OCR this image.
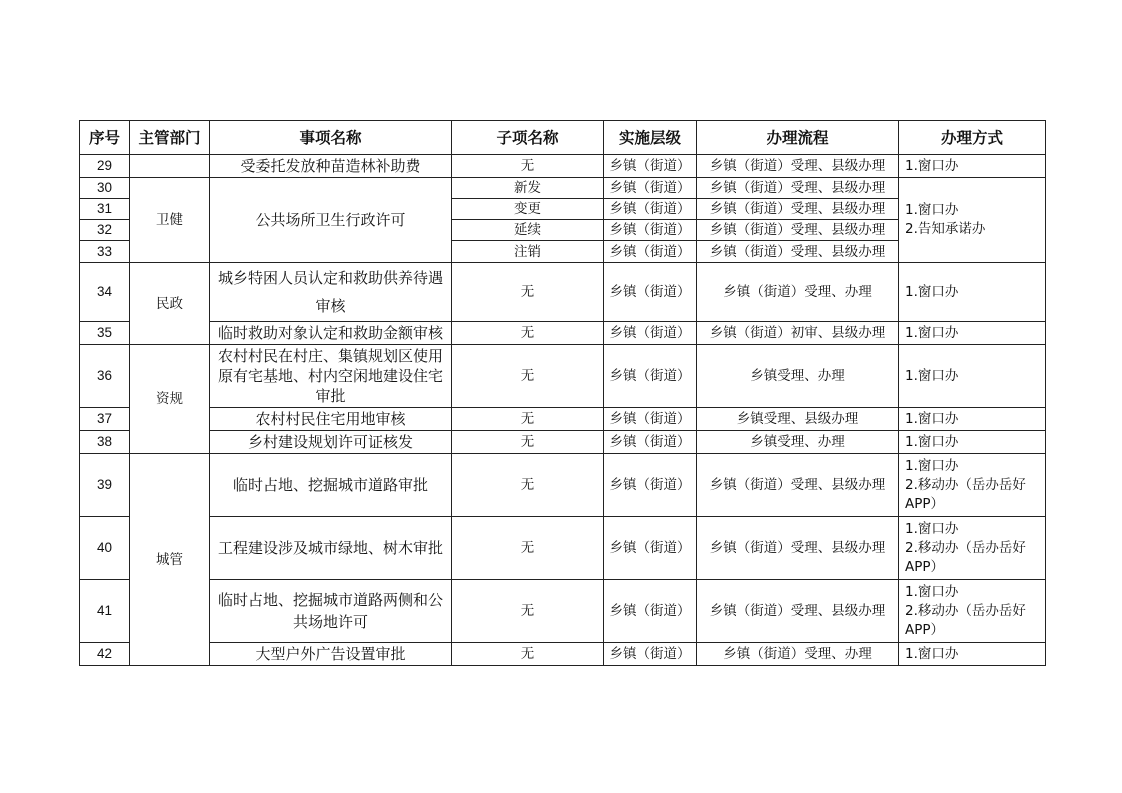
序号	主管部门	事项名称	子项名称	实施层级	办理流程	办理方式
29		受委托发放种苗造林补助费	无	乡镇（街道）	乡镇（街道）受理、县级办理	1.窗口办

30	卫健	公共场所卫生行政许可	新发	乡镇（街道）	乡镇（街道）受理、县级办理	1.窗口办
2.告知承诺办

31			变更	乡镇（街道）	乡镇（街道）受理、县级办理	
32			延续	乡镇（街道）	乡镇（街道）受理、县级办理	
33			注销	乡镇（街道）	乡镇（街道）受理、县级办理	
34	民政	城乡特困人员认定和救助供养待遇审核	无	乡镇（街道）	乡镇（街道）受理、办理	1.窗口办

35		临时救助对象认定和救助金额审核	无	乡镇（街道）	乡镇（街道）初审、县级办理	1.窗口办

36	资规	农村村民在村庄、集镇规划区使用原有宅基地、村内空闲地建设住宅审批	无	乡镇（街道）	乡镇受理、办理	1.窗口办

37		农村村民住宅用地审核	无	乡镇（街道）	乡镇受理、县级办理	1.窗口办

38		乡村建设规划许可证核发	无	乡镇（街道）	乡镇受理、办理	1.窗口办

39	城管	临时占地、挖掘城市道路审批	无	乡镇（街道）	乡镇（街道）受理、县级办理	1.窗口办
2.移动办（岳办岳好
APP）

40		工程建设涉及城市绿地、树木审批	无	乡镇（街道）	乡镇（街道）受理、县级办理	1.窗口办
2.移动办（岳办岳好
APP）

41		临时占地、挖掘城市道路两侧和公共场地许可	无	乡镇（街道）	乡镇（街道）受理、县级办理	1.窗口办
2.移动办（岳办岳好
APP）

42		大型户外广告设置审批	无	乡镇（街道）	乡镇（街道）受理、办理	1.窗口办
